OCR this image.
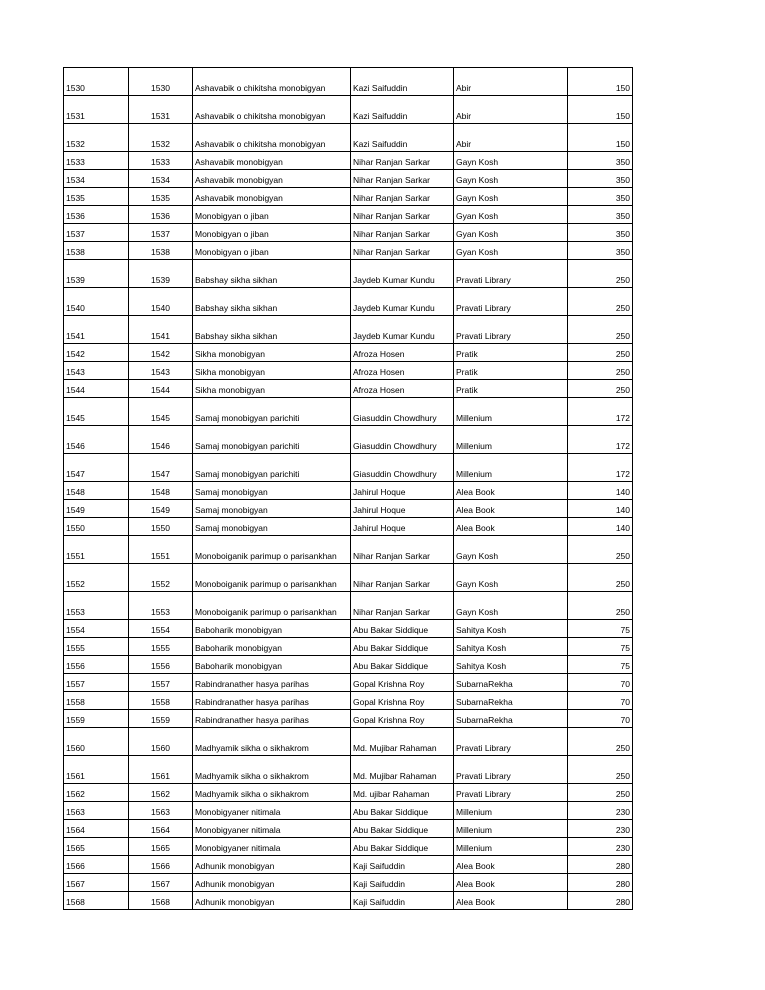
1530	1530	Ashavabik o chikitsha monobigyan	Kazi Saifuddin	Abir	150
1531	1531	Ashavabik o chikitsha monobigyan	Kazi Saifuddin	Abir	150
1532	1532	Ashavabik o chikitsha monobigyan	Kazi Saifuddin	Abir	150
1533	1533	Ashavabik monobigyan	Nihar Ranjan Sarkar	Gayn Kosh	350
1534	1534	Ashavabik monobigyan	Nihar Ranjan Sarkar	Gayn Kosh	350
1535	1535	Ashavabik monobigyan	Nihar Ranjan Sarkar	Gayn Kosh	350
1536	1536	Monobigyan o jiban	Nihar Ranjan Sarkar	Gyan Kosh	350
1537	1537	Monobigyan o jiban	Nihar Ranjan Sarkar	Gyan Kosh	350
1538	1538	Monobigyan o jiban	Nihar Ranjan Sarkar	Gyan Kosh	350
1539	1539	Babshay sikha sikhan	Jaydeb Kumar Kundu	Pravati Library	250
1540	1540	Babshay sikha sikhan	Jaydeb Kumar Kundu	Pravati Library	250
1541	1541	Babshay sikha sikhan	Jaydeb Kumar Kundu	Pravati Library	250
1542	1542	Sikha monobigyan	Afroza Hosen	Pratik	250
1543	1543	Sikha monobigyan	Afroza Hosen	Pratik	250
1544	1544	Sikha monobigyan	Afroza Hosen	Pratik	250
1545	1545	Samaj monobigyan parichiti	Giasuddin Chowdhury	Millenium	172
1546	1546	Samaj monobigyan parichiti	Giasuddin Chowdhury	Millenium	172
1547	1547	Samaj monobigyan parichiti	Giasuddin Chowdhury	Millenium	172
1548	1548	Samaj monobigyan	Jahirul Hoque	Alea Book	140
1549	1549	Samaj monobigyan	Jahirul Hoque	Alea Book	140
1550	1550	Samaj monobigyan	Jahirul Hoque	Alea Book	140
1551	1551	Monoboiganik parimup o parisankhan	Nihar Ranjan Sarkar	Gayn Kosh	250
1552	1552	Monoboiganik parimup o parisankhan	Nihar Ranjan Sarkar	Gayn Kosh	250
1553	1553	Monoboiganik parimup o parisankhan	Nihar Ranjan Sarkar	Gayn Kosh	250
1554	1554	Baboharik monobigyan	Abu Bakar Siddique	Sahitya Kosh	75
1555	1555	Baboharik monobigyan	Abu Bakar Siddique	Sahitya Kosh	75
1556	1556	Baboharik monobigyan	Abu Bakar Siddique	Sahitya Kosh	75
1557	1557	Rabindranather hasya parihas	Gopal Krishna Roy	SubarnaRekha	70
1558	1558	Rabindranather hasya parihas	Gopal Krishna Roy	SubarnaRekha	70
1559	1559	Rabindranather hasya parihas	Gopal Krishna Roy	SubarnaRekha	70
1560	1560	Madhyamik sikha o sikhakrom	Md. Mujibar Rahaman	Pravati Library	250
1561	1561	Madhyamik sikha o sikhakrom	Md. Mujibar Rahaman	Pravati Library	250
1562	1562	Madhyamik sikha o sikhakrom	Md. ujibar Rahaman	Pravati Library	250
1563	1563	Monobigyaner nitimala	Abu Bakar Siddique	Millenium	230
1564	1564	Monobigyaner nitimala	Abu Bakar Siddique	Millenium	230
1565	1565	Monobigyaner nitimala	Abu Bakar Siddique	Millenium	230
1566	1566	Adhunik monobigyan	Kaji Saifuddin	Alea Book	280
1567	1567	Adhunik monobigyan	Kaji Saifuddin	Alea Book	280
1568	1568	Adhunik monobigyan	Kaji Saifuddin	Alea Book	280
